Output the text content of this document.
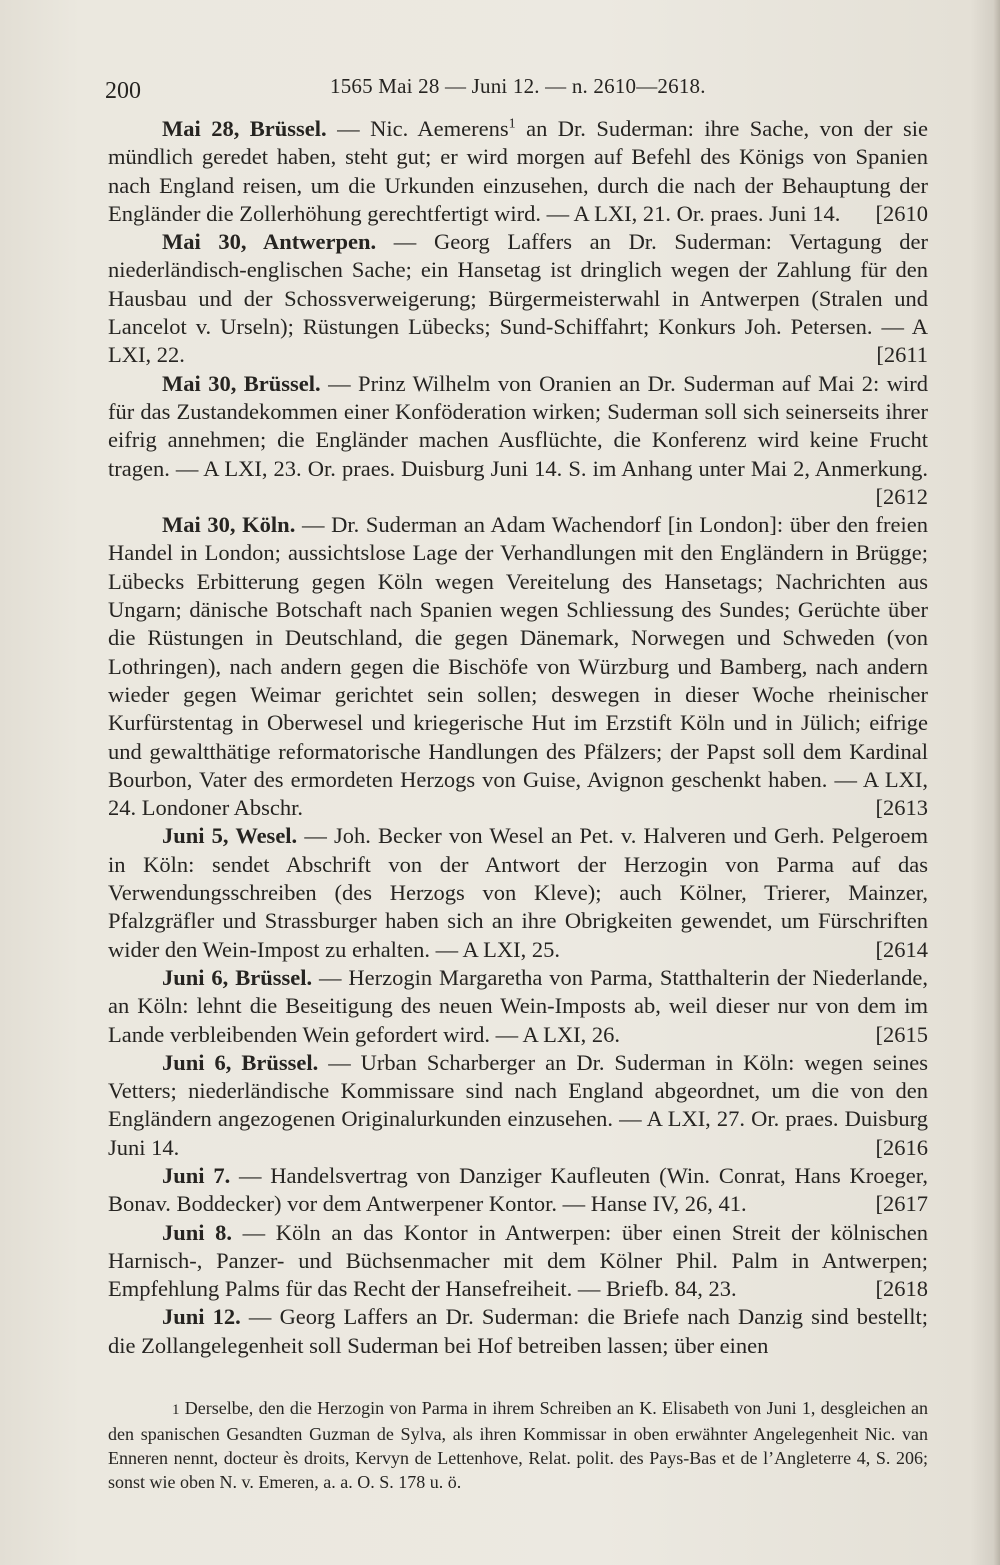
200	1565 Mai 28 — Juni 12. — n. 2610—2618.

Mai 28, Brüssel. — Nic. Aemerens$^1$ an Dr. Suderman: ihre Sache, von der sie mündlich geredet haben, steht gut; er wird morgen auf Befehl des Königs von Spanien nach England reisen, um die Urkunden einzusehen, durch die nach der Behauptung der Engländer die Zollerhöhung gerechtfertigt wird. — A LXI, 21. Or. praes. Juni 14. [2610

Mai 30, Antwerpen. — Georg Laffers an Dr. Suderman: Vertagung der niederländisch-englischen Sache; ein Hansetag ist dringlich wegen der Zahlung für den Hausbau und der Schossverweigerung; Bürgermeisterwahl in Antwerpen (Stralen und Lancelot v. Urseln); Rüstungen Lübecks; Sund-Schiffahrt; Konkurs Joh. Petersen. — A LXI, 22.	[2611

Mai 30, Brüssel. — Prinz Wilhelm von Oranien an Dr. Suderman auf Mai 2: wird für das Zustandekommen einer Konföderation wirken; Suderman soll sich seinerseits ihrer eifrig annehmen; die Engländer machen Ausflüchte, die Konferenz wird keine Frucht tragen. — A LXI, 23. Or. praes. Duisburg Juni 14. S. im Anhang unter Mai 2, Anmerkung.
[2612

Mai 30, Köln. — Dr. Suderman an Adam Wachendorf [in London]: über den freien Handel in London; aussichtslose Lage der Verhandlungen mit den Engländern in Brügge; Lübecks Erbitterung gegen Köln wegen Vereitelung des Hansetags; Nachrichten aus Ungarn; dänische Botschaft nach Spanien wegen Schliessung des Sundes; Gerüchte über die Rüstungen in Deutschland, die gegen Dänemark, Norwegen und Schweden (von Lothringen), nach andern gegen die Bischöfe von Würzburg und Bamberg, nach andern wieder gegen Weimar gerichtet sein sollen; deswegen in dieser Woche rheinischer Kurfürstentag in Oberwesel und kriegerische Hut im Erzstift Köln und in Jülich; eifrige und gewaltthätige reformatorische Handlungen des Pfälzers; der Papst soll dem Kardinal Bourbon, Vater des ermordeten Herzogs von Guise, Avignon geschenkt haben. — A LXI, 24. Londoner Abschr.	[2613

Juni 5, Wesel. — Joh. Becker von Wesel an Pet. v. Halveren und Gerh. Pelgeroem in Köln: sendet Abschrift von der Antwort der Herzogin von Parma auf das Verwendungsschreiben (des Herzogs von Kleve); auch Kölner, Trierer, Mainzer, Pfalzgräfler und Strassburger haben sich an ihre Obrigkeiten gewendet, um Fürschriften wider den Wein-Impost zu erhalten. — A LXI, 25.	[2614

Juni 6, Brüssel. — Herzogin Margaretha von Parma, Statthalterin der Niederlande, an Köln: lehnt die Beseitigung des neuen Wein-Imposts ab, weil dieser nur von dem im Lande verbleibenden Wein gefordert wird. — A LXI, 26.	[2615

Juni 6, Brüssel. — Urban Scharberger an Dr. Suderman in Köln: wegen seines Vetters; niederländische Kommissare sind nach England abgeordnet, um die von den Engländern angezogenen Originalurkunden einzusehen. — A LXI, 27. Or. praes. Duisburg Juni 14.	[2616

Juni 7. — Handelsvertrag von Danziger Kaufleuten (Win. Conrat, Hans Kroeger, Bonav. Boddecker) vor dem Antwerpener Kontor. — Hanse IV, 26, 41.	[2617

Juni 8. — Köln an das Kontor in Antwerpen: über einen Streit der kölnischen Harnisch-, Panzer- und Büchsenmacher mit dem Kölner Phil. Palm in Antwerpen; Empfehlung Palms für das Recht der Hansefreiheit. — Briefb. 84, 23.	[2618

Juni 12. — Georg Laffers an Dr. Suderman: die Briefe nach Danzig sind bestellt; die Zollangelegenheit soll Suderman bei Hof betreiben lassen; über einen

1 Derselbe, den die Herzogin von Parma in ihrem Schreiben an K. Elisabeth von Juni 1, desgleichen an den spanischen Gesandten Guzman de Sylva, als ihren Kommissar in oben erwähnter Angelegenheit Nic. van Enneren nennt, docteur ès droits, Kervyn de Lettenhove, Relat. polit. des Pays-Bas et de l’Angleterre 4, S. 206; sonst wie oben N. v. Emeren, a. a. O. S. 178 u. ö.
